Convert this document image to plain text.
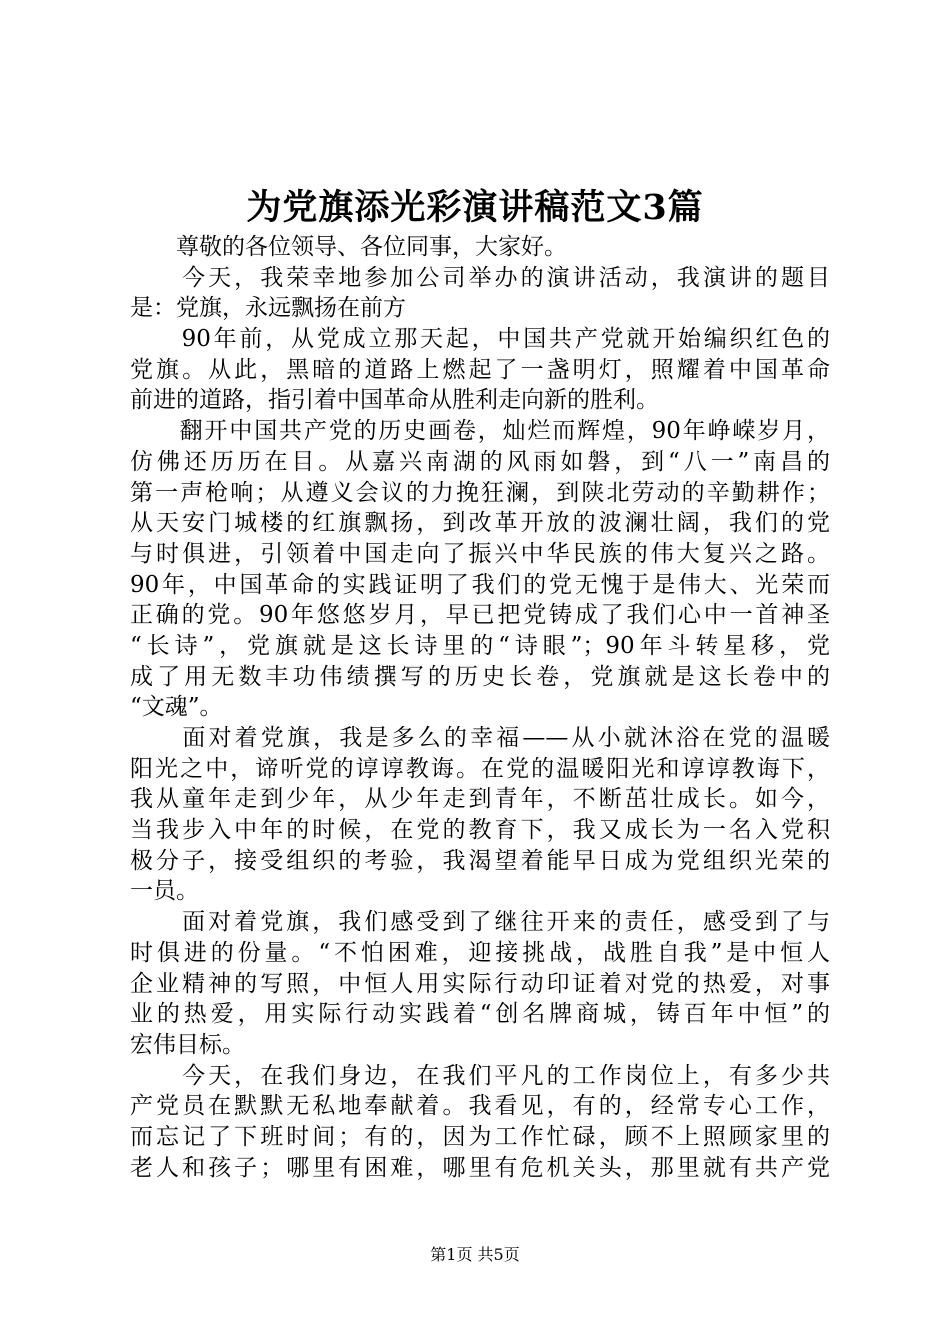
为党旗添光彩演讲稿范文3篇
　　尊敬的各位领导、各位同事，大家好。
　　今天，我荣幸地参加公司举办的演讲活动，我演讲的题目
是：党旗，永远飘扬在前方
　　90年前，从党成立那天起，中国共产党就开始编织红色的
党旗。从此，黑暗的道路上燃起了一盏明灯，照耀着中国革命
前进的道路，指引着中国革命从胜利走向新的胜利。
　　翻开中国共产党的历史画卷，灿烂而辉煌，90年峥嵘岁月，
仿佛还历历在目。从嘉兴南湖的风雨如磐，到“八一”南昌的
第一声枪响；从遵义会议的力挽狂澜，到陕北劳动的辛勤耕作；
从天安门城楼的红旗飘扬，到改革开放的波澜壮阔，我们的党
与时俱进，引领着中国走向了振兴中华民族的伟大复兴之路。
90年，中国革命的实践证明了我们的党无愧于是伟大、光荣而
正确的党。90年悠悠岁月，早已把党铸成了我们心中一首神圣
“长诗”，党旗就是这长诗里的“诗眼”；90年斗转星移，党
成了用无数丰功伟绩撰写的历史长卷，党旗就是这长卷中的
“文魂”。
　　面对着党旗，我是多么的幸福——从小就沐浴在党的温暖
阳光之中，谛听党的谆谆教诲。在党的温暖阳光和谆谆教诲下，
我从童年走到少年，从少年走到青年，不断茁壮成长。如今，
当我步入中年的时候，在党的教育下，我又成长为一名入党积
极分子，接受组织的考验，我渴望着能早日成为党组织光荣的
一员。
　　面对着党旗，我们感受到了继往开来的责任，感受到了与
时俱进的份量。“不怕困难，迎接挑战，战胜自我”是中恒人
企业精神的写照，中恒人用实际行动印证着对党的热爱，对事
业的热爱，用实际行动实践着“创名牌商城，铸百年中恒”的
宏伟目标。
　　今天，在我们身边，在我们平凡的工作岗位上，有多少共
产党员在默默无私地奉献着。我看见，有的，经常专心工作，
而忘记了下班时间；有的，因为工作忙碌，顾不上照顾家里的
老人和孩子；哪里有困难，哪里有危机关头，那里就有共产党
第1页 共5页
